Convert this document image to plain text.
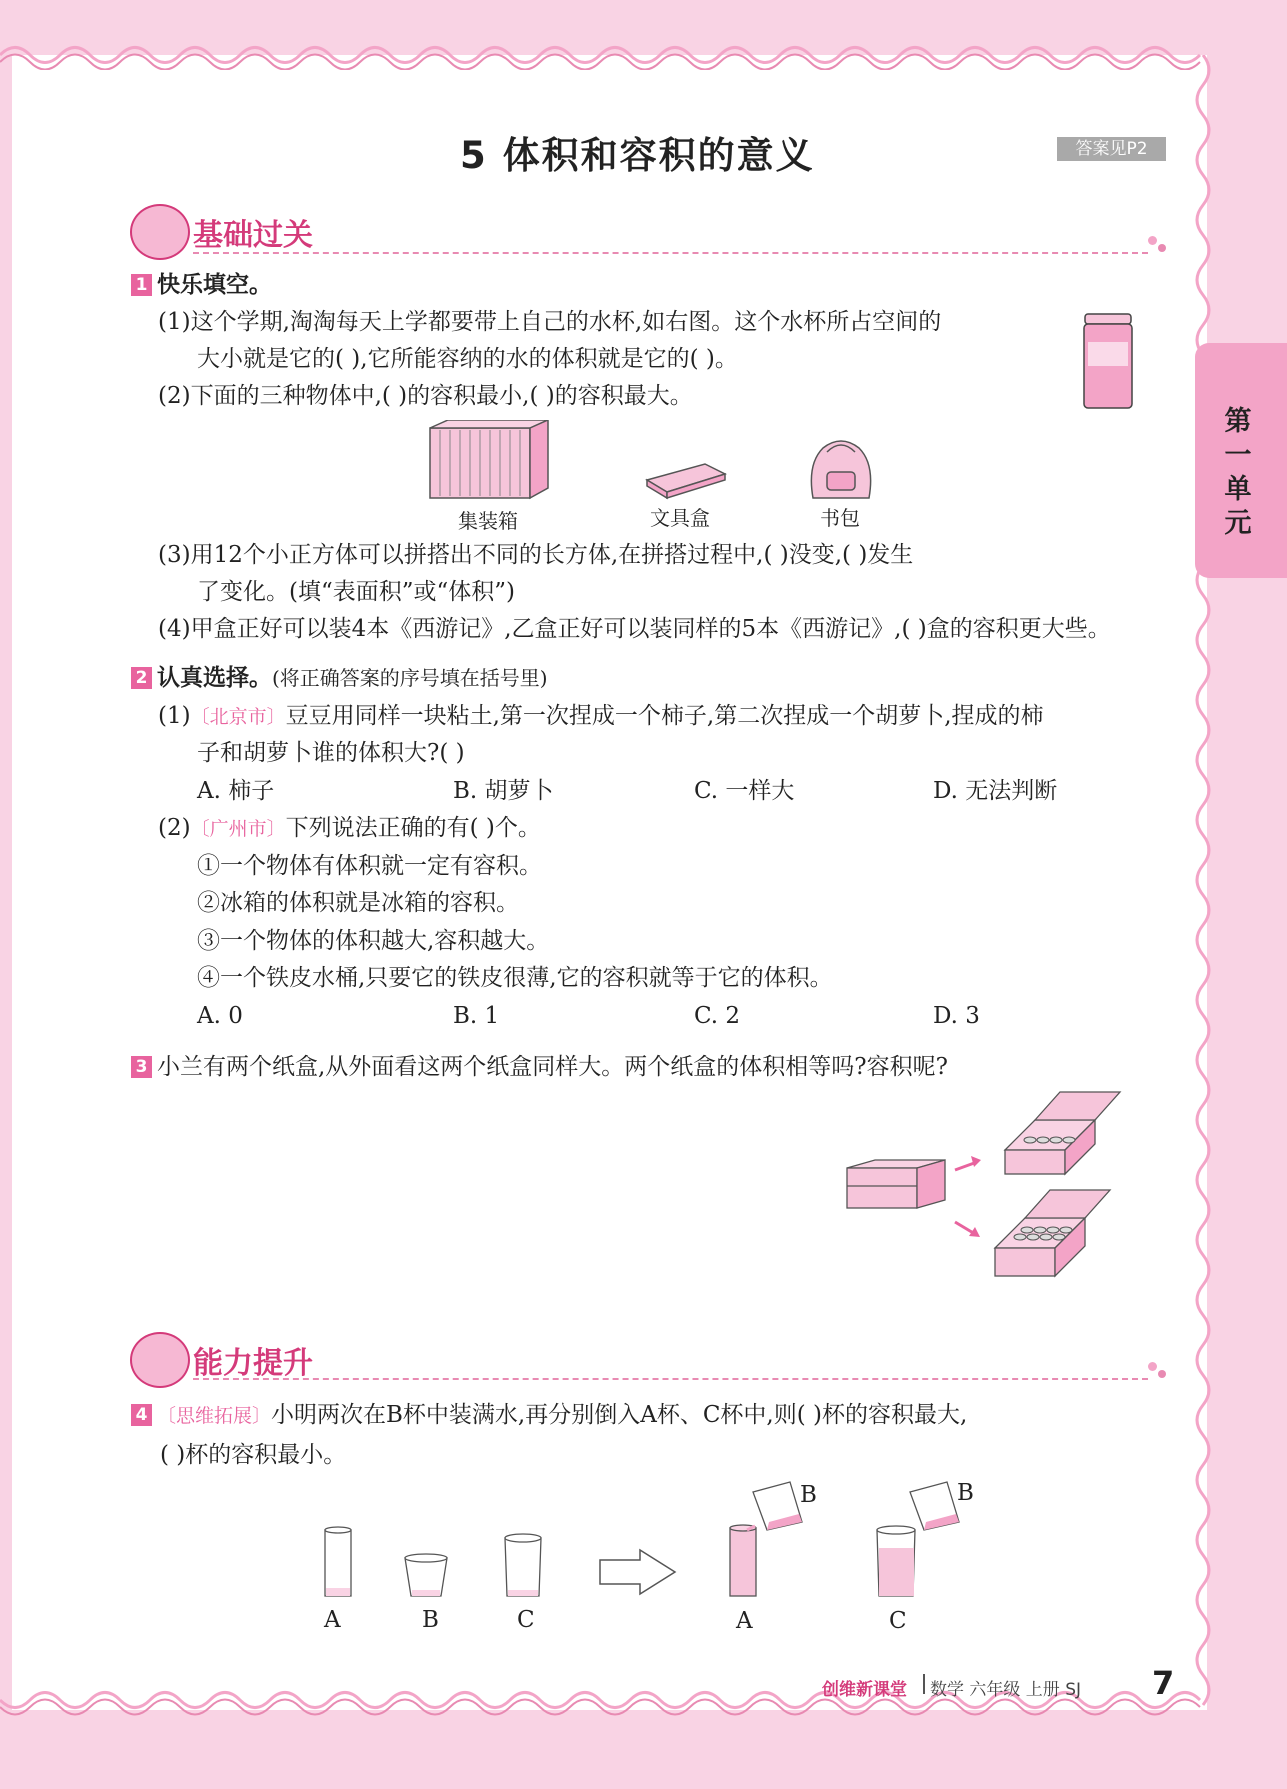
5 体积和容积的意义	答案见P2
第一单元
基础过关
1 快乐填空。
(1)这个学期,淘淘每天上学都要带上自己的水杯,如右图。这个水杯所占空间的
大小就是它的( ),它所能容纳的水的体积就是它的( )。
(2)下面的三种物体中,( )的容积最小,( )的容积最大。
集装箱	文具盒	书包
(3)用12个小正方体可以拼搭出不同的长方体,在拼搭过程中,( )没变,( )发生
了变化。(填“表面积”或“体积”)
(4)甲盒正好可以装4本《西游记》,乙盒正好可以装同样的5本《西游记》,( )盒的容积更大些。
2 认真选择。(将正确答案的序号填在括号里)
(1)〔北京市〕豆豆用同样一块粘土,第一次捏成一个柿子,第二次捏成一个胡萝卜,捏成的柿
子和胡萝卜谁的体积大?( )
A. 柿子	B. 胡萝卜	C. 一样大	D. 无法判断
(2)〔广州市〕下列说法正确的有( )个。
①一个物体有体积就一定有容积。
②冰箱的体积就是冰箱的容积。
③一个物体的体积越大,容积越大。
④一个铁皮水桶,只要它的铁皮很薄,它的容积就等于它的体积。
A. 0	B. 1	C. 2	D. 3
3 小兰有两个纸盒,从外面看这两个纸盒同样大。两个纸盒的体积相等吗?容积呢?
能力提升
4 〔思维拓展〕小明两次在B杯中装满水,再分别倒入A杯、C杯中,则( )杯的容积最大,
( )杯的容积最小。
A	B	C	A	C
B	B
创维新课堂 数学 六年级 上册 SJ 7
